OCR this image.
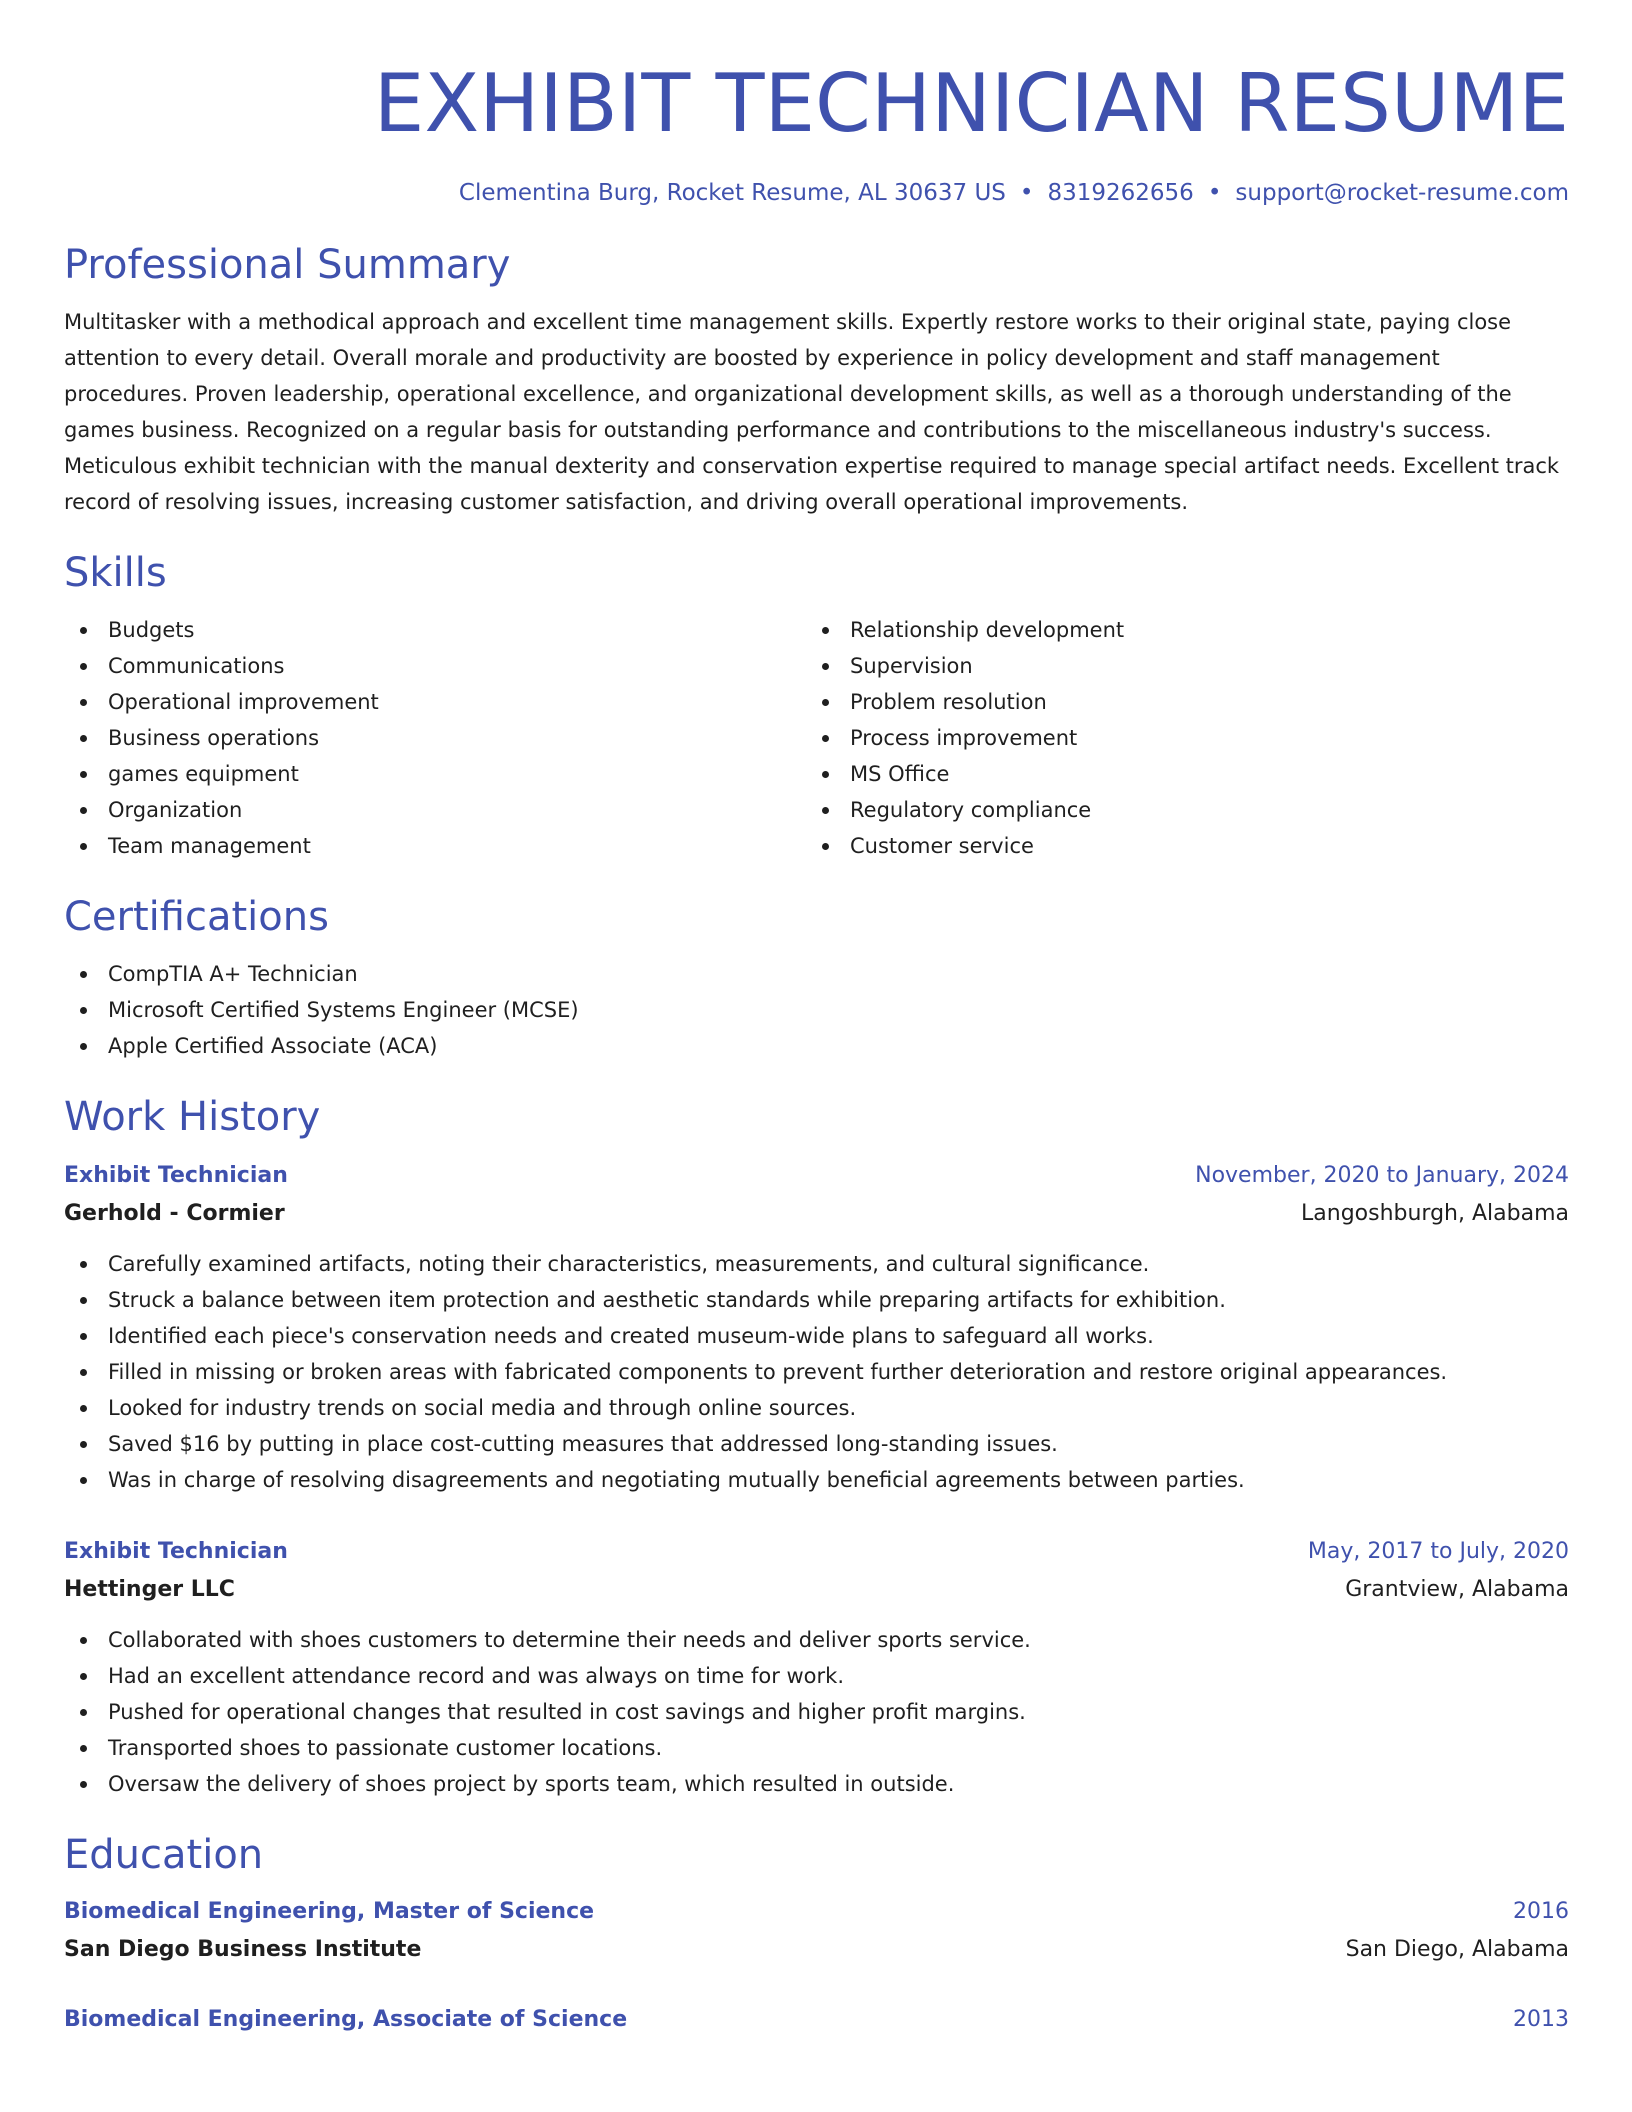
EXHIBIT TECHNICIAN RESUME
Clementina Burg, Rocket Resume, AL 30637 US • 8319262656 • support@rocket-resume.com
Professional Summary

Multitasker with a methodical approach and excellent time management skills. Expertly restore works to their original state, paying close attention to every detail. Overall morale and productivity are boosted by experience in policy development and staff management procedures. Proven leadership, operational excellence, and organizational development skills, as well as a thorough understanding of the games business. Recognized on a regular basis for outstanding performance and contributions to the miscellaneous industry's success. Meticulous exhibit technician with the manual dexterity and conservation expertise required to manage special artifact needs. Excellent track record of resolving issues, increasing customer satisfaction, and driving overall operational improvements.

Skills
Budgets
Communications
Operational improvement
Business operations
games equipment
Organization
Team management
Relationship development
Supervision
Problem resolution
Process improvement
MS Office
Regulatory compliance
Customer service
Certifications
CompTIA A+ Technician
Microsoft Certified Systems Engineer (MCSE)
Apple Certified Associate (ACA)
Work History
Exhibit Technician	November, 2020 to January, 2024
Gerhold - Cormier	Langoshburgh, Alabama
Carefully examined artifacts, noting their characteristics, measurements, and cultural significance.
Struck a balance between item protection and aesthetic standards while preparing artifacts for exhibition.
Identified each piece's conservation needs and created museum-wide plans to safeguard all works.
Filled in missing or broken areas with fabricated components to prevent further deterioration and restore original appearances.
Looked for industry trends on social media and through online sources.
Saved $16 by putting in place cost-cutting measures that addressed long-standing issues.
Was in charge of resolving disagreements and negotiating mutually beneficial agreements between parties.
Exhibit Technician	May, 2017 to July, 2020
Hettinger LLC	Grantview, Alabama
Collaborated with shoes customers to determine their needs and deliver sports service.
Had an excellent attendance record and was always on time for work.
Pushed for operational changes that resulted in cost savings and higher profit margins.
Transported shoes to passionate customer locations.
Oversaw the delivery of shoes project by sports team, which resulted in outside.
Education
Biomedical Engineering, Master of Science	2016
San Diego Business Institute	San Diego, Alabama
Biomedical Engineering, Associate of Science	2013
